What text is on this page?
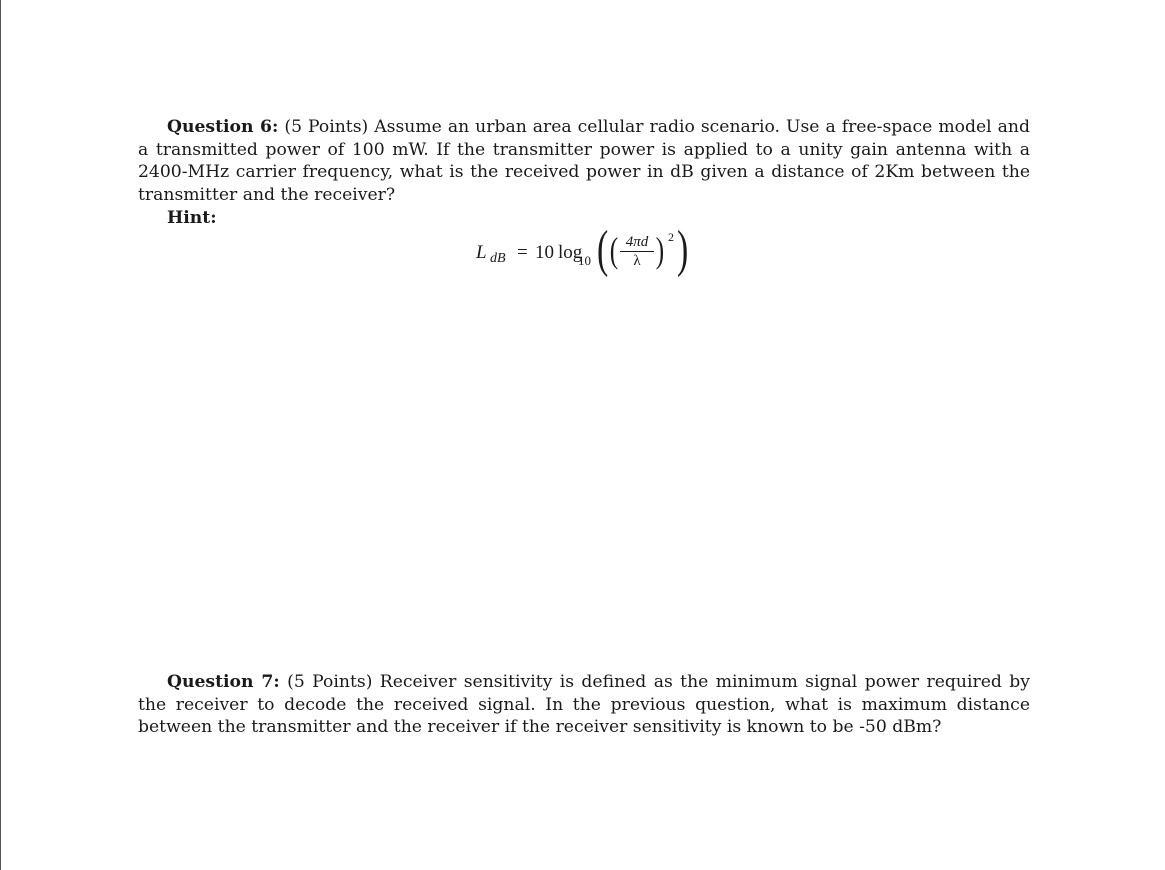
Question 6: (5 Points) Assume an urban area cellular radio scenario. Use a free-space model and a transmitted power of 100 mW. If the transmitter power is applied to a unity gain antenna with a 2400-MHz carrier frequency, what is the received power in dB given a distance of 2Km between the transmitter and the receiver?
Hint:
L dB = 10 log
10 ( ( 4πd
λ ) 2 )
Question 7: (5 Points) Receiver sensitivity is defined as the minimum signal power required by the receiver to decode the received signal. In the previous question, what is maximum distance between the transmitter and the receiver if the receiver sensitivity is known to be -50 dBm?
